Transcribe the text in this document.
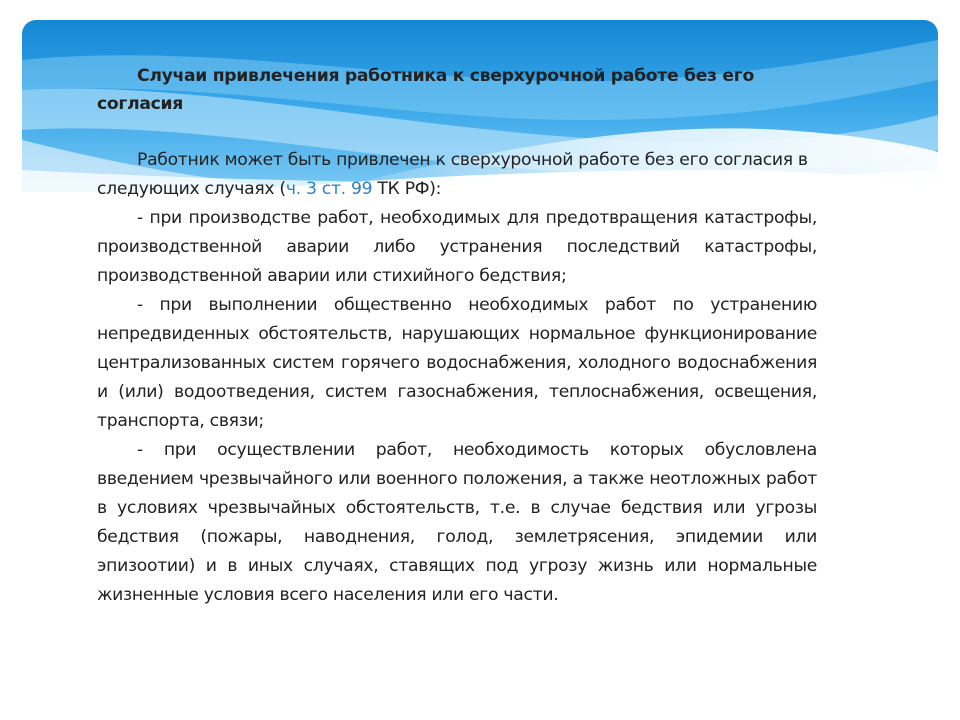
Случаи привлечения работника к сверхурочной работе без его согласия

Работник может быть привлечен к сверхурочной работе без его согласия в следующих случаях (ч. 3 ст. 99 ТК РФ):

- при производстве работ, необходимых для предотвращения катастрофы, производственной аварии либо устранения последствий катастрофы, производственной аварии или стихийного бедствия;

- при выполнении общественно необходимых работ по устранению непредвиденных обстоятельств, нарушающих нормальное функционирование централизованных систем горячего водоснабжения, холодного водоснабжения и (или) водоотведения, систем газоснабжения, теплоснабжения, освещения, транспорта, связи;

- при осуществлении работ, необходимость которых обусловлена введением чрезвычайного или военного положения, а также неотложных работ в условиях чрезвычайных обстоятельств, т.е. в случае бедствия или угрозы бедствия (пожары, наводнения, голод, землетрясения, эпидемии или эпизоотии) и в иных случаях, ставящих под угрозу жизнь или нормальные жизненные условия всего населения или его части.
